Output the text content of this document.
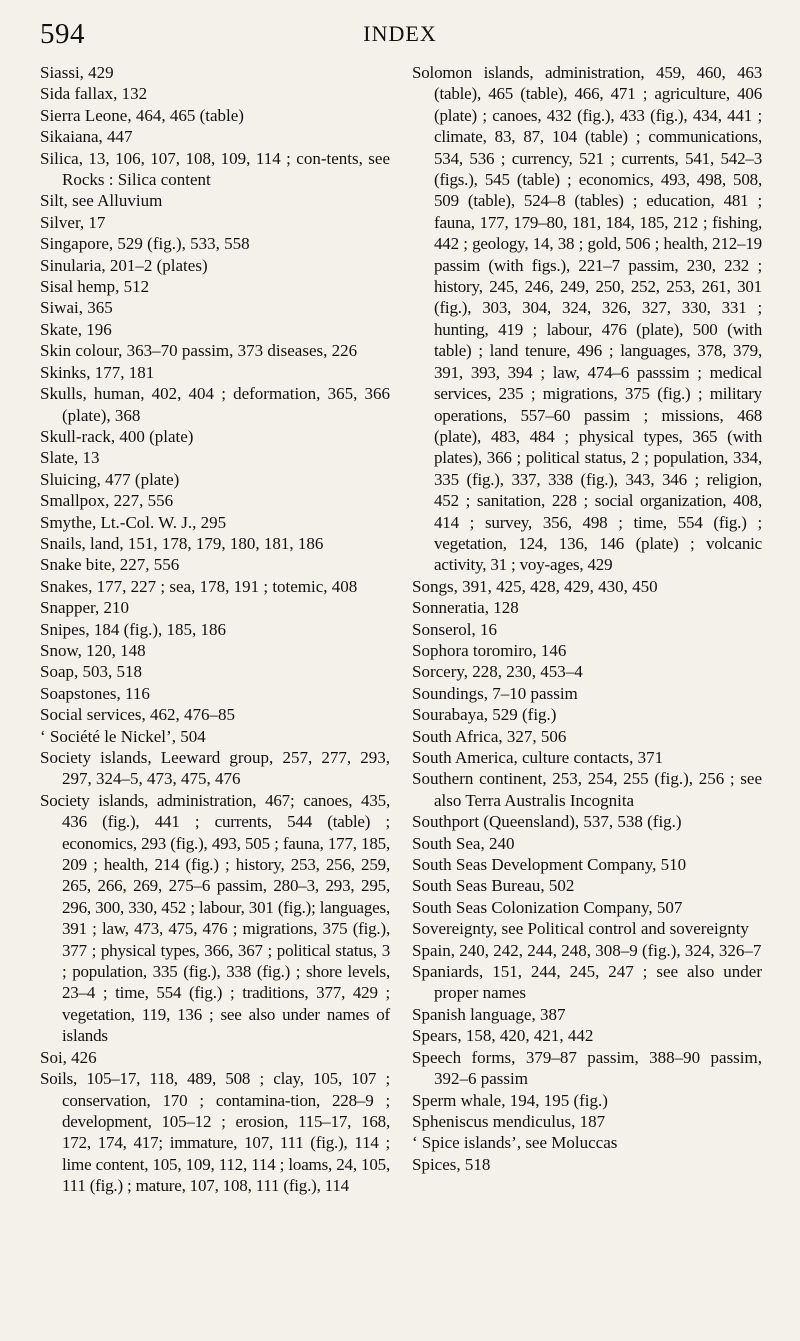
594	INDEX

Siassi, 429

Sida fallax, 132

Sierra Leone, 464, 465 (table)

Sikaiana, 447

Silica, 13, 106, 107, 108, 109, 114 ; con-tents, see Rocks : Silica content

Silt, see Alluvium

Silver, 17

Singapore, 529 (fig.), 533, 558

Sinularia, 201–2 (plates)

Sisal hemp, 512

Siwai, 365

Skate, 196

Skin colour, 363–70 passim, 373 diseases, 226

Skinks, 177, 181

Skulls, human, 402, 404 ; deformation, 365, 366 (plate), 368

Skull-rack, 400 (plate)

Slate, 13

Sluicing, 477 (plate)

Smallpox, 227, 556

Smythe, Lt.-Col. W. J., 295

Snails, land, 151, 178, 179, 180, 181, 186

Snake bite, 227, 556

Snakes, 177, 227 ; sea, 178, 191 ; totemic, 408

Snapper, 210

Snipes, 184 (fig.), 185, 186

Snow, 120, 148

Soap, 503, 518

Soapstones, 116

Social services, 462, 476–85

‘ Société le Nickel’, 504

Society islands, Leeward group, 257, 277, 293, 297, 324–5, 473, 475, 476

Society islands, administration, 467; canoes, 435, 436 (fig.), 441 ; currents, 544 (table) ; economics, 293 (fig.), 493, 505 ; fauna, 177, 185, 209 ; health, 214 (fig.) ; history, 253, 256, 259, 265, 266, 269, 275–6 passim, 280–3, 293, 295, 296, 300, 330, 452 ; labour, 301 (fig.); languages, 391 ; law, 473, 475, 476 ; migrations, 375 (fig.), 377 ; physical types, 366, 367 ; political status, 3 ; population, 335 (fig.), 338 (fig.) ; shore levels, 23–4 ; time, 554 (fig.) ; traditions, 377, 429 ; vegetation, 119, 136 ; see also under names of islands

Soi, 426

Soils, 105–17, 118, 489, 508 ; clay, 105, 107 ; conservation, 170 ; contamina-tion, 228–9 ; development, 105–12 ; erosion, 115–17, 168, 172, 174, 417; immature, 107, 111 (fig.), 114 ; lime content, 105, 109, 112, 114 ; loams, 24, 105, 111 (fig.) ; mature, 107, 108, 111 (fig.), 114

Solomon islands, administration, 459, 460, 463 (table), 465 (table), 466, 471 ; agriculture, 406 (plate) ; canoes, 432 (fig.), 433 (fig.), 434, 441 ; climate, 83, 87, 104 (table) ; communications, 534, 536 ; currency, 521 ; currents, 541, 542–3 (figs.), 545 (table) ; economics, 493, 498, 508, 509 (table), 524–8 (tables) ; education, 481 ; fauna, 177, 179–80, 181, 184, 185, 212 ; fishing, 442 ; geology, 14, 38 ; gold, 506 ; health, 212–19 passim (with figs.), 221–7 passim, 230, 232 ; history, 245, 246, 249, 250, 252, 253, 261, 301 (fig.), 303, 304, 324, 326, 327, 330, 331 ; hunting, 419 ; labour, 476 (plate), 500 (with table) ; land tenure, 496 ; languages, 378, 379, 391, 393, 394 ; law, 474–6 passsim ; medical services, 235 ; migrations, 375 (fig.) ; military operations, 557–60 passim ; missions, 468 (plate), 483, 484 ; physical types, 365 (with plates), 366 ; political status, 2 ; population, 334, 335 (fig.), 337, 338 (fig.), 343, 346 ; religion, 452 ; sanitation, 228 ; social organization, 408, 414 ; survey, 356, 498 ; time, 554 (fig.) ; vegetation, 124, 136, 146 (plate) ; volcanic activity, 31 ; voy-ages, 429

Songs, 391, 425, 428, 429, 430, 450

Sonneratia, 128

Sonserol, 16

Sophora toromiro, 146

Sorcery, 228, 230, 453–4

Soundings, 7–10 passim

Sourabaya, 529 (fig.)

South Africa, 327, 506

South America, culture contacts, 371

Southern continent, 253, 254, 255 (fig.), 256 ; see also Terra Australis Incognita

Southport (Queensland), 537, 538 (fig.)

South Sea, 240

South Seas Development Company, 510

South Seas Bureau, 502

South Seas Colonization Company, 507

Sovereignty, see Political control and sovereignty

Spain, 240, 242, 244, 248, 308–9 (fig.), 324, 326–7

Spaniards, 151, 244, 245, 247 ; see also under proper names

Spanish language, 387

Spears, 158, 420, 421, 442

Speech forms, 379–87 passim, 388–90 passim, 392–6 passim

Sperm whale, 194, 195 (fig.)

Spheniscus mendiculus, 187

‘ Spice islands’, see Moluccas

Spices, 518
